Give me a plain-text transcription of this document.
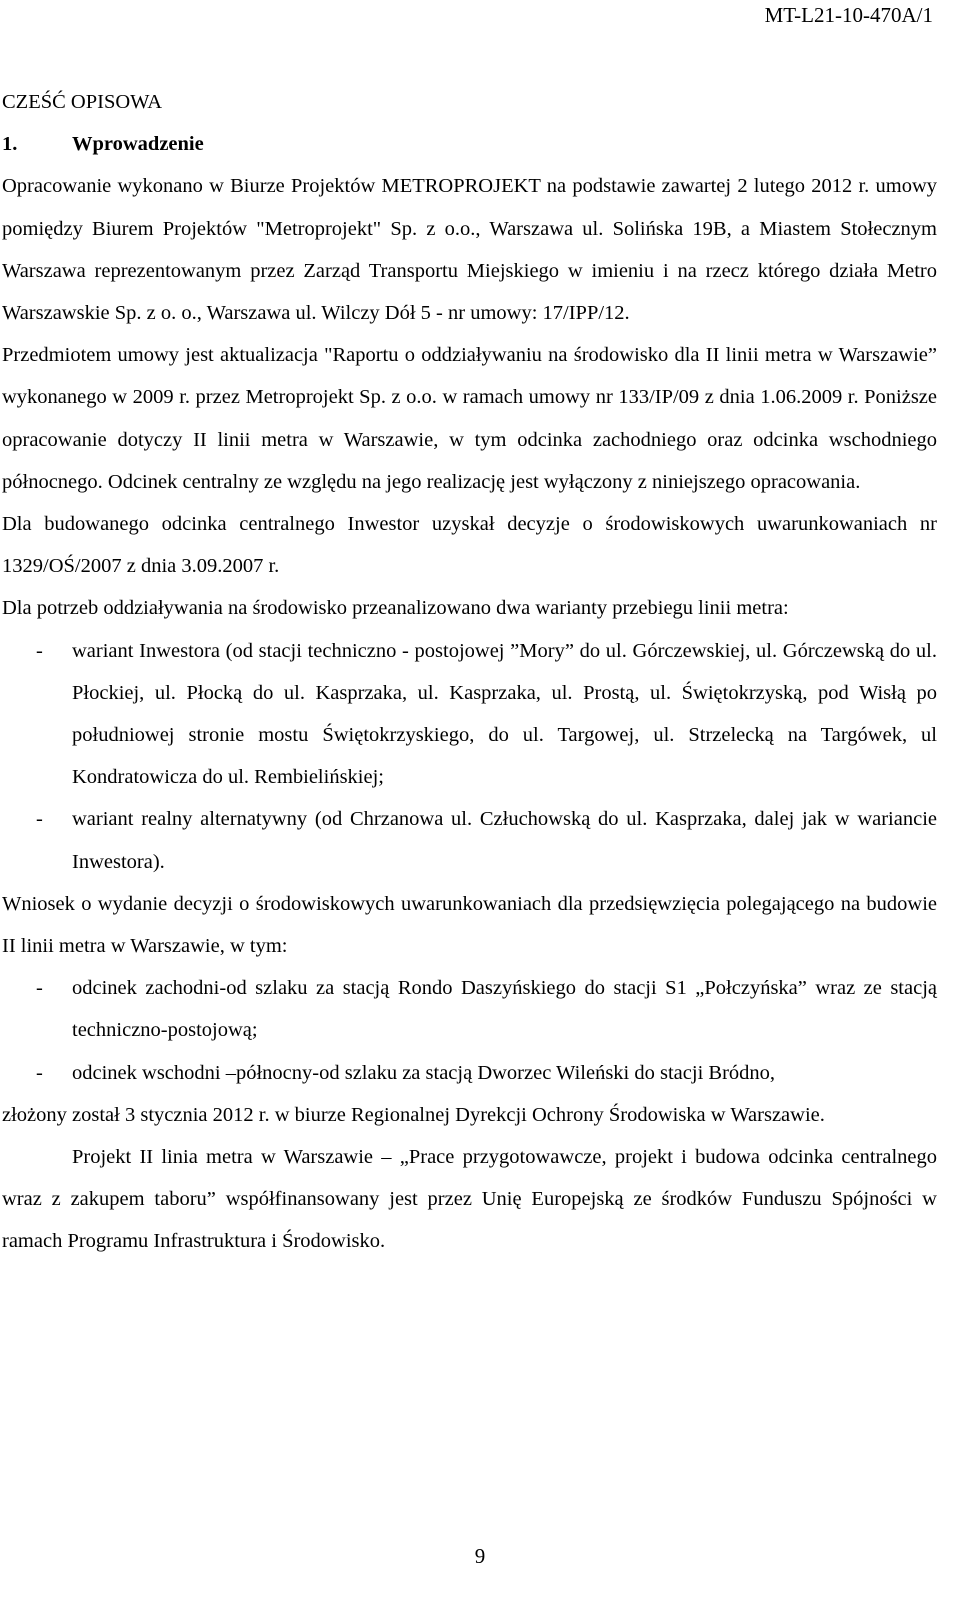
MT-L21-10-470A/1

CZEŚĆ OPISOWA

1.	Wprowadzenie

Opracowanie wykonano w Biurze Projektów METROPROJEKT na podstawie zawartej 2 lutego 2012 r. umowy pomiędzy Biurem Projektów "Metroprojekt" Sp. z o.o., Warszawa ul. Solińska 19B, a Miastem Stołecznym Warszawa reprezentowanym przez Zarząd Transportu Miejskiego w imieniu i na rzecz którego działa Metro Warszawskie Sp. z o. o., Warszawa ul. Wilczy Dół 5 - nr umowy: 17/IPP/12.

Przedmiotem umowy jest aktualizacja "Raportu o oddziaływaniu na środowisko dla II linii metra w Warszawie” wykonanego w 2009 r. przez Metroprojekt Sp. z o.o. w ramach umowy nr 133/IP/09 z dnia 1.06.2009 r. Poniższe opracowanie dotyczy II linii metra w Warszawie, w tym odcinka zachodniego oraz odcinka wschodniego północnego. Odcinek centralny ze względu na jego realizację jest wyłączony z niniejszego opracowania.

Dla budowanego odcinka centralnego Inwestor uzyskał decyzje o środowiskowych uwarunkowaniach nr 1329/OŚ/2007 z dnia 3.09.2007 r.

Dla potrzeb oddziaływania na środowisko przeanalizowano dwa warianty przebiegu linii metra:

-	wariant Inwestora (od stacji techniczno - postojowej ”Mory” do ul. Górczewskiej, ul. Górczewską do ul. Płockiej, ul. Płocką do ul. Kasprzaka, ul. Kasprzaka, ul. Prostą, ul. Świętokrzyską, pod Wisłą po południowej stronie mostu Świętokrzyskiego, do ul. Targowej, ul. Strzelecką na Targówek, ul Kondratowicza do ul. Rembielińskiej;
-	wariant realny alternatywny (od Chrzanowa ul. Człuchowską do ul. Kasprzaka, dalej jak w wariancie Inwestora).

Wniosek o wydanie decyzji o środowiskowych uwarunkowaniach dla przedsięwzięcia polegającego na budowie II linii metra w Warszawie, w tym:

-	odcinek zachodni-od szlaku za stacją Rondo Daszyńskiego do stacji S1 „Połczyńska” wraz ze stacją techniczno-postojową;
-	odcinek wschodni –północny-od szlaku za stacją Dworzec Wileński do stacji Bródno,

złożony został 3 stycznia 2012 r. w biurze Regionalnej Dyrekcji Ochrony Środowiska w Warszawie.

Projekt II linia metra w Warszawie – „Prace przygotowawcze, projekt i budowa odcinka centralnego wraz z zakupem taboru” współfinansowany jest przez Unię Europejską ze środków Funduszu Spójności w ramach Programu Infrastruktura i Środowisko.

9
